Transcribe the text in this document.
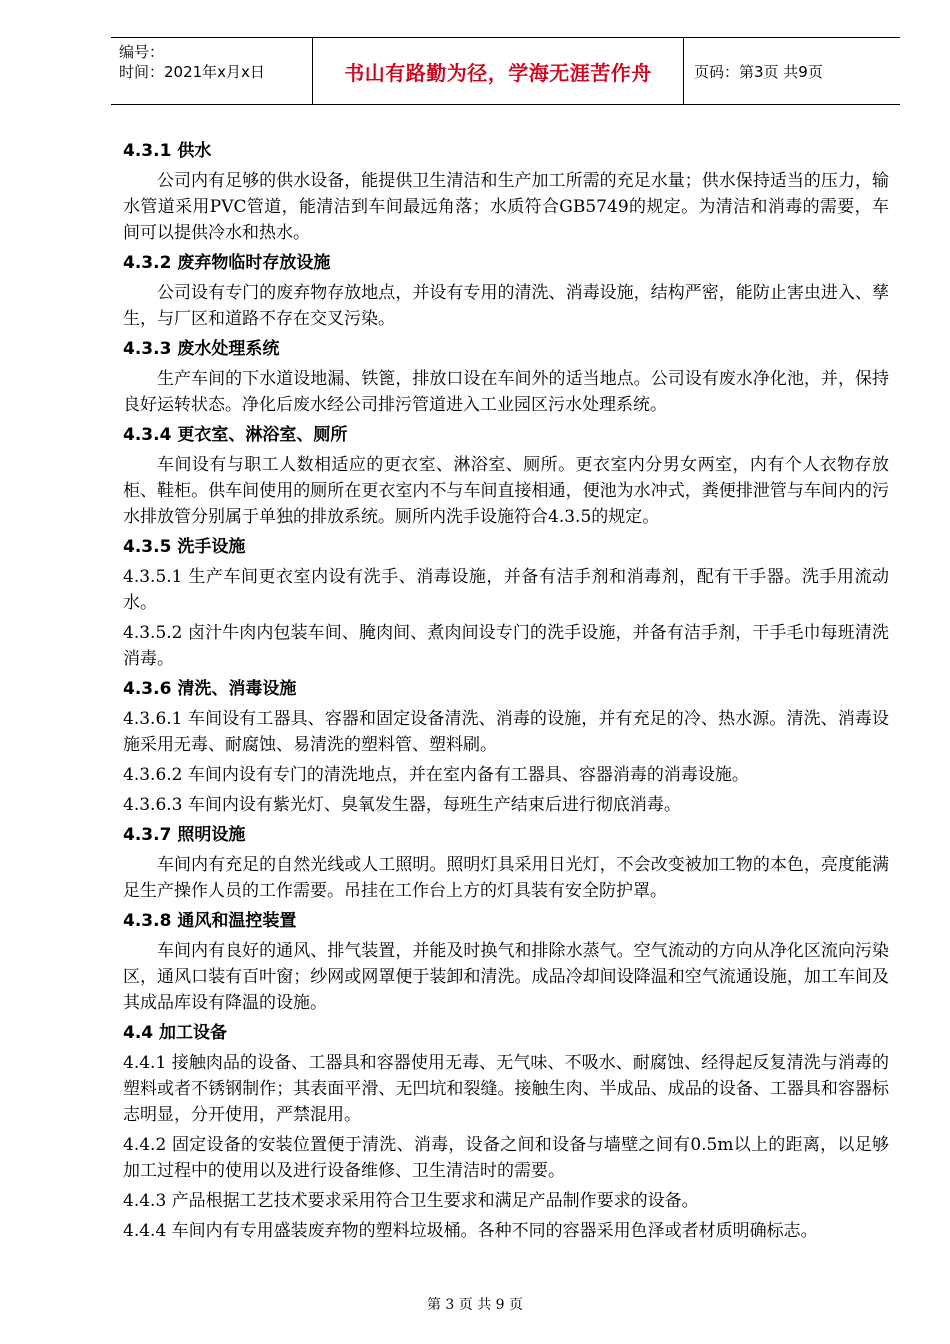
编号：
时间：2021年x月x日	书山有路勤为径，学海无涯苦作舟	页码：第3页 共9页
4.3.1 供水
公司内有足够的供水设备，能提供卫生清洁和生产加工所需的充足水量；供水保持适当的压力，输水管道采用PVC管道，能清洁到车间最远角落；水质符合GB5749的规定。为清洁和消毒的需要，车间可以提供冷水和热水。
4.3.2 废弃物临时存放设施
公司设有专门的废弃物存放地点，并设有专用的清洗、消毒设施，结构严密，能防止害虫进入、孳生，与厂区和道路不存在交叉污染。
4.3.3 废水处理系统
生产车间的下水道设地漏、铁篦，排放口设在车间外的适当地点。公司设有废水净化池，并，保持良好运转状态。净化后废水经公司排污管道进入工业园区污水处理系统。
4.3.4 更衣室、淋浴室、厕所
车间设有与职工人数相适应的更衣室、淋浴室、厕所。更衣室内分男女两室，内有个人衣物存放柜、鞋柜。供车间使用的厕所在更衣室内不与车间直接相通，便池为水冲式，粪便排泄管与车间内的污水排放管分别属于单独的排放系统。厕所内洗手设施符合4.3.5的规定。
4.3.5 洗手设施
4.3.5.1 生产车间更衣室内设有洗手、消毒设施，并备有洁手剂和消毒剂，配有干手器。洗手用流动水。
4.3.5.2 卤汁牛肉内包装车间、腌肉间、煮肉间设专门的洗手设施，并备有洁手剂，干手毛巾每班清洗消毒。
4.3.6 清洗、消毒设施
4.3.6.1 车间设有工器具、容器和固定设备清洗、消毒的设施，并有充足的冷、热水源。清洗、消毒设施采用无毒、耐腐蚀、易清洗的塑料管、塑料刷。
4.3.6.2 车间内设有专门的清洗地点，并在室内备有工器具、容器消毒的消毒设施。
4.3.6.3 车间内设有紫光灯、臭氧发生器，每班生产结束后进行彻底消毒。
4.3.7 照明设施
车间内有充足的自然光线或人工照明。照明灯具采用日光灯，不会改变被加工物的本色，亮度能满足生产操作人员的工作需要。吊挂在工作台上方的灯具装有安全防护罩。
4.3.8 通风和温控装置
车间内有良好的通风、排气装置，并能及时换气和排除水蒸气。空气流动的方向从净化区流向污染区，通风口装有百叶窗；纱网或网罩便于装卸和清洗。成品冷却间设降温和空气流通设施，加工车间及其成品库设有降温的设施。
4.4 加工设备
4.4.1 接触肉品的设备、工器具和容器使用无毒、无气味、不吸水、耐腐蚀、经得起反复清洗与消毒的塑料或者不锈钢制作；其表面平滑、无凹坑和裂缝。接触生肉、半成品、成品的设备、工器具和容器标志明显，分开使用，严禁混用。
4.4.2 固定设备的安装位置便于清洗、消毒，设备之间和设备与墙壁之间有0.5m以上的距离，以足够加工过程中的使用以及进行设备维修、卫生清洁时的需要。
4.4.3 产品根据工艺技术要求采用符合卫生要求和满足产品制作要求的设备。
4.4.4 车间内有专用盛装废弃物的塑料垃圾桶。各种不同的容器采用色泽或者材质明确标志。
第 3 页 共 9 页
